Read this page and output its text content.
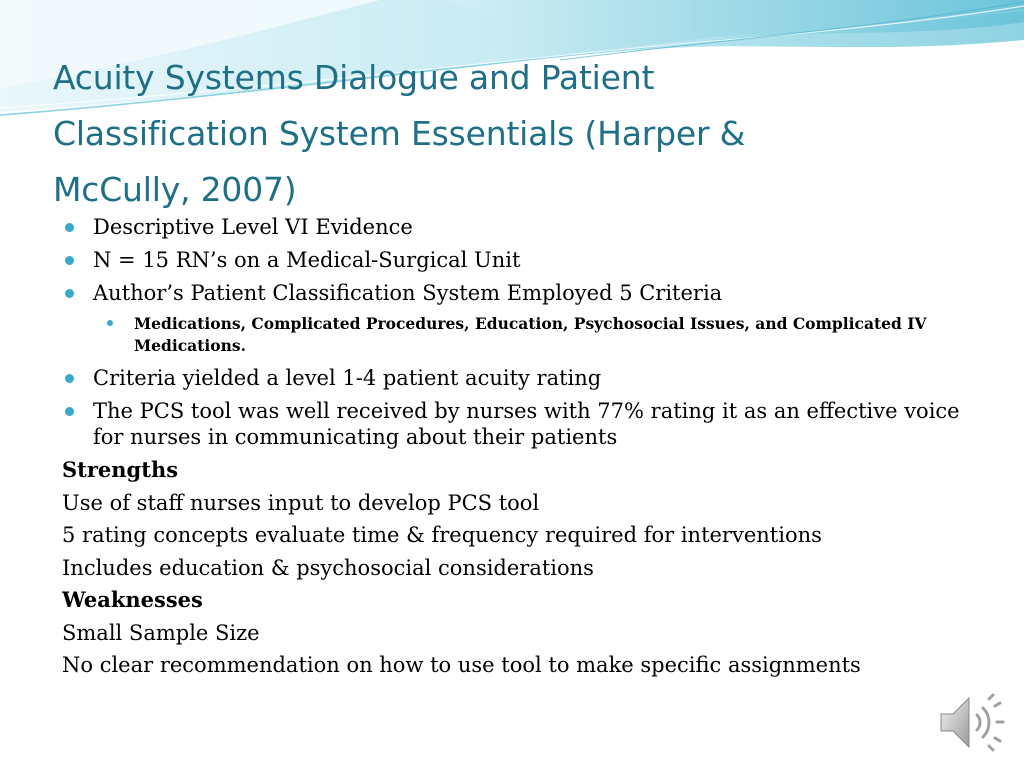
Acuity Systems Dialogue and Patient
Classification System Essentials (Harper &
McCully, 2007)
Descriptive Level VI Evidence
N = 15 RN’s on a Medical-Surgical Unit
Author’s Patient Classification System Employed 5 Criteria
Medications, Complicated Procedures, Education, Psychosocial Issues, and Complicated IV Medications.
Criteria yielded a level 1-4 patient acuity rating
The PCS tool was well received by nurses with 77% rating it as an effective voice for nurses in communicating about their patients

Strengths

Use of staff nurses input to develop PCS tool

5 rating concepts evaluate time & frequency required for interventions

Includes education & psychosocial considerations

Weaknesses

Small Sample Size

No clear recommendation on how to use tool to make specific assignments
